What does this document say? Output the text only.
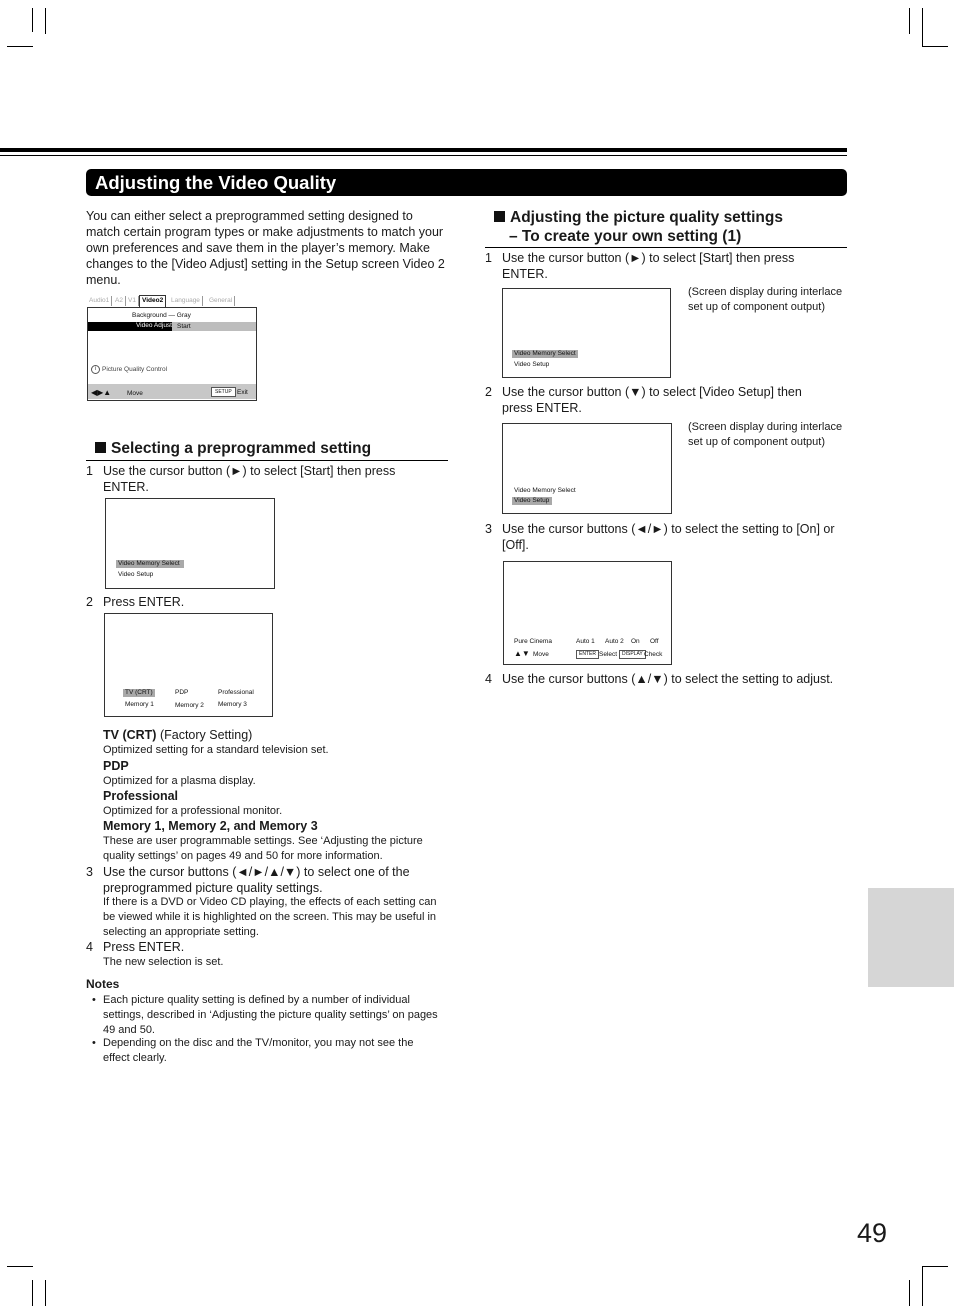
Adjusting the Video Quality
You can either select a preprogrammed setting designed to match certain program types or make adjustments to match your own preferences and save them in the player’s memory. Make changes to the [Video Adjust] setting in the Setup screen Video 2 menu.
Audio1 A2 V1 Video2	Language	General
Background — Gray
Video Adjust Start
i Picture Quality Control
◀▶▲ Move	SETUP Exit
Selecting a preprogrammed setting
1 Use the cursor button (►) to select [Start] then press ENTER.
Video Memory Select
Video Setup
2 Press ENTER.
TV (CRT)
Memory 1
PDP
Memory 2
Professional
Memory 3
TV (CRT) (Factory Setting)
Optimized setting for a standard television set.
PDP
Optimized for a plasma display.
Professional
Optimized for a professional monitor.
Memory 1, Memory 2, and Memory 3
These are user programmable settings. See ‘Adjusting the picture quality settings’ on pages 49 and 50 for more information.
3 Use the cursor buttons (◄/►/▲/▼) to select one of the preprogrammed picture quality settings.
If there is a DVD or Video CD playing, the effects of each setting can be viewed while it is highlighted on the screen. This may be useful in selecting an appropriate setting.
4 Press ENTER.
The new selection is set.
Notes
• Each picture quality setting is defined by a number of individual settings, described in ‘Adjusting the picture quality settings’ on pages 49 and 50.
• Depending on the disc and the TV/monitor, you may not see the effect clearly.
Adjusting the picture quality settings
– To create your own setting (1)
1 Use the cursor button (►) to select [Start] then press ENTER.
Video Memory Select
Video Setup
(Screen display during interlace set up of component output)
2 Use the cursor button (▼) to select [Video Setup] then press ENTER.
Video Memory Select
Video Setup
(Screen display during interlace set up of component output)
3 Use the cursor buttons (◄/►) to select the setting to [On] or [Off].
Pure Cinema	Auto 1 Auto 2 On Off
▲▼ Move	ENTER Select DISPLAY Check
4 Use the cursor buttons (▲/▼) to select the setting to adjust.
49
